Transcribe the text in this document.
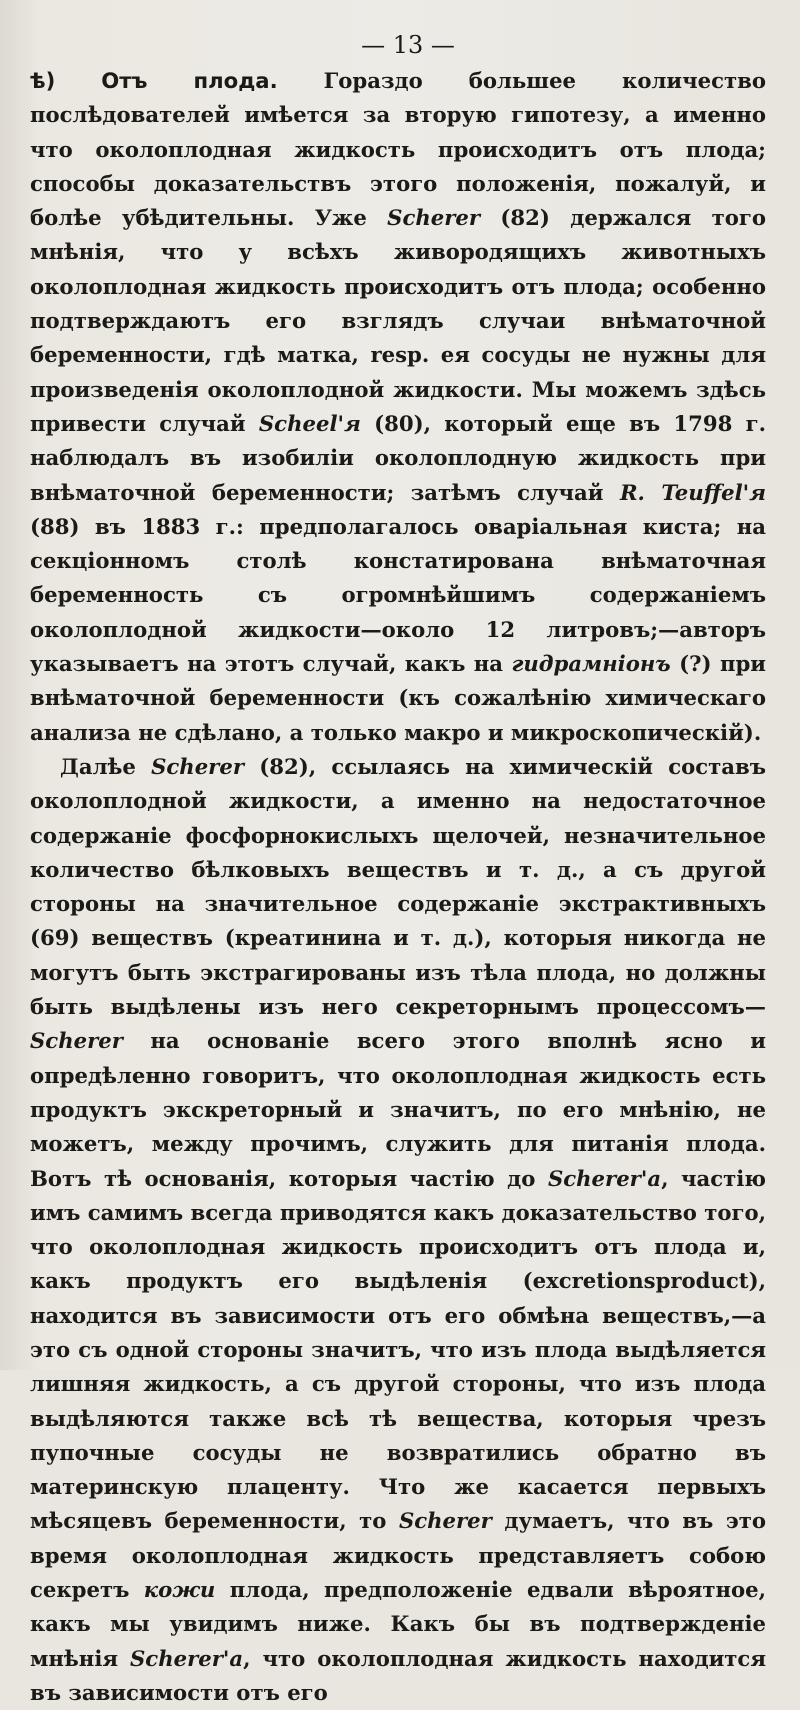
— 13 —

ѣ) Отъ плода. Гораздо большее количество послѣдователей имѣется за вторую гипотезу, а именно что околоплодная жидкость происходитъ отъ плода; способы доказательствъ этого положенія, пожалуй, и болѣе убѣдительны. Уже Scherer (82) держался того мнѣнія, что у всѣхъ живородящихъ животныхъ околоплодная жидкость происходитъ отъ плода; особенно подтверждаютъ его взглядъ случаи внѣматочной беременности, гдѣ матка, resp. ея сосуды не нужны для произведенія околоплодной жидкости. Мы можемъ здѣсь привести случай Scheel'я (80), который еще въ 1798 г. наблюдалъ въ изобиліи околоплодную жидкость при внѣматочной беременности; затѣмъ случай R. Teuffel'я (88) въ 1883 г.: предполагалось оваріальная киста; на секціонномъ столѣ констатирована внѣматочная беременность съ огромнѣйшимъ содержаніемъ околоплодной жидкости—около 12 литровъ;—авторъ указываетъ на этотъ случай, какъ на гидрамніонъ (?) при внѣматочной беременности (къ сожалѣнію химическаго анализа не сдѣлано, а только макро и микроскопическій).

Далѣе Scherer (82), ссылаясь на химическій составъ околоплодной жидкости, а именно на недостаточное содержаніе фосфорнокислыхъ щелочей, незначительное количество бѣлковыхъ веществъ и т. д., а съ другой стороны на значительное содержаніе экстрактивныхъ (69) веществъ (креатинина и т. д.), которыя никогда не могутъ быть экстрагированы изъ тѣла плода, но должны быть выдѣлены изъ него секреторнымъ процессомъ—Scherer на основаніе всего этого вполнѣ ясно и опредѣленно говоритъ, что околоплодная жидкость есть продуктъ экскреторный и значитъ, по его мнѣнію, не можетъ, между прочимъ, служить для питанія плода. Вотъ тѣ основанія, которыя частію до Scherer'a, частію имъ самимъ всегда приводятся какъ доказательство того, что околоплодная жидкость происходитъ отъ плода и, какъ продуктъ его выдѣленія (excretionsproduct), находится въ зависимости отъ его обмѣна веществъ,—а это съ одной стороны значитъ, что изъ плода выдѣляется лишняя жидкость, а съ другой стороны, что изъ плода выдѣляются также всѣ тѣ вещества, которыя чрезъ пупочные сосуды не возвратились обратно въ материнскую плаценту. Что же касается первыхъ мѣсяцевъ беременности, то Scherer думаетъ, что въ это время околоплодная жидкость представляетъ собою секретъ кожи плода, предположеніе едвали вѣроятное, какъ мы увидимъ ниже. Какъ бы въ подтвержденіе мнѣнія Scherer'a, что околоплодная жидкость находится въ зависимости отъ его
